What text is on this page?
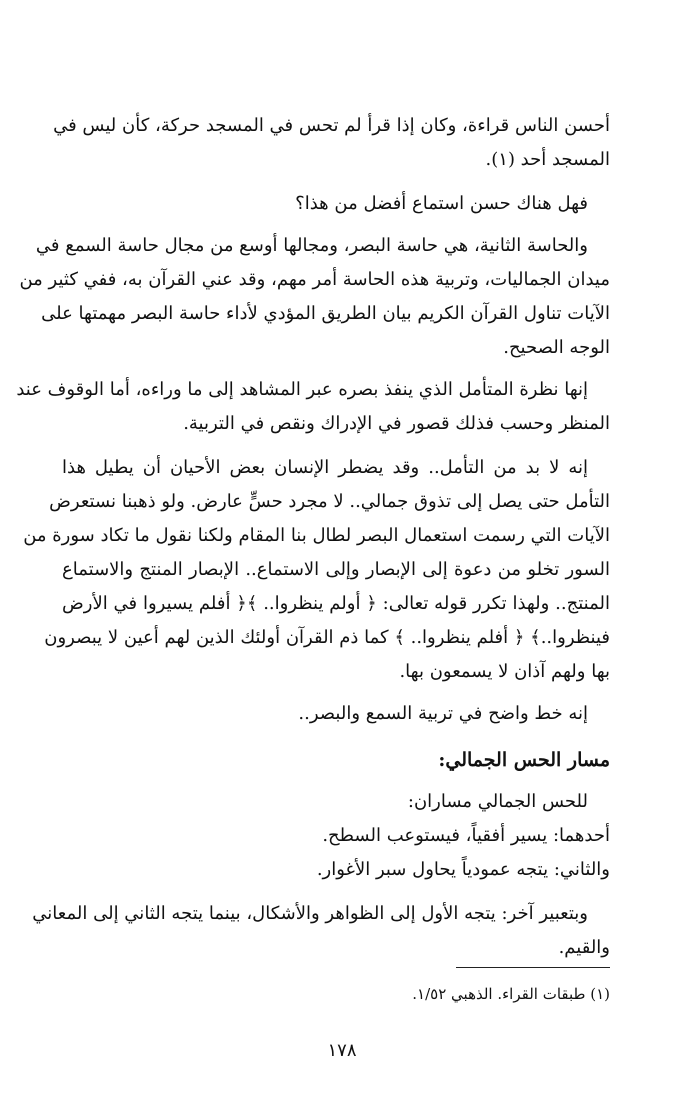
أحسن الناس قراءة، وكان إذا قرأ لم تحس في المسجد حركة، كأن ليس في
المسجد أحد (١).
فهل هناك حسن استماع أفضل من هذا؟
والحاسة الثانية، هي حاسة البصر، ومجالها أوسع من مجال حاسة السمع في
ميدان الجماليات، وتربية هذه الحاسة أمر مهم، وقد عني القرآن به، ففي كثير من
الآيات تناول القرآن الكريم بيان الطريق المؤدي لأداء حاسة البصر مهمتها على
الوجه الصحيح.
إنها نظرة المتأمل الذي ينفذ بصره عبر المشاهد إلى ما وراءه، أما الوقوف عند
المنظر وحسب فذلك قصور في الإدراك ونقص في التربية.
إنه لا بد من التأمل.. وقد يضطر الإنسان بعض الأحيان أن يطيل هذا
التأمل حتى يصل إلى تذوق جمالي.. لا مجرد حسٍّ عارض. ولو ذهبنا نستعرض
الآيات التي رسمت استعمال البصر لطال بنا المقام ولكنا نقول ما تكاد سورة من
السور تخلو من دعوة إلى الإبصار وإلى الاستماع.. الإبصار المنتج والاستماع
المنتج.. ولهذا تكرر قوله تعالى: ﴿ أولم ينظروا.. ﴾﴿ أفلم يسيروا في الأرض
فينظروا..﴾ ﴿ أفلم ينظروا.. ﴾ كما ذم القرآن أولئك الذين لهم أعين لا يبصرون
بها ولهم آذان لا يسمعون بها.
إنه خط واضح في تربية السمع والبصر..
مسار الحس الجمالي:
للحس الجمالي مساران:
أحدهما: يسير أفقياً، فيستوعب السطح.
والثاني: يتجه عمودياً يحاول سبر الأغوار.
وبتعبير آخر: يتجه الأول إلى الظواهر والأشكال، بينما يتجه الثاني إلى المعاني
والقيم.
(١) طبقات القراء. الذهبي ١/٥٢.
١٧٨
